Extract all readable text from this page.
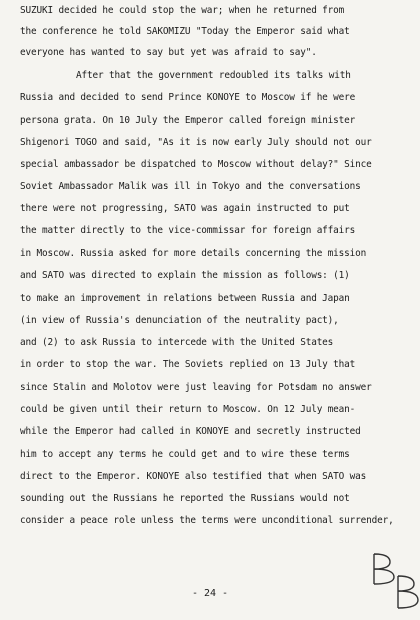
SUZUKI decided he could stop the war; when he returned from
the conference he told SAKOMIZU "Today the Emperor said what
everyone has wanted to say but yet was afraid to say".
After that the government redoubled its talks with
Russia and decided to send Prince KONOYE to Moscow if he were
persona grata. On 10 July the Emperor called foreign minister
Shigenori TOGO and said, "As it is now early July should not our
special ambassador be dispatched to Moscow without delay?" Since
Soviet Ambassador Malik was ill in Tokyo and the conversations
there were not progressing, SATO was again instructed to put
the matter directly to the vice-commissar for foreign affairs
in Moscow. Russia asked for more details concerning the mission
and SATO was directed to explain the mission as follows: (1)
to make an improvement in relations between Russia and Japan
(in view of Russia's denunciation of the neutrality pact),
and (2) to ask Russia to intercede with the United States
in order to stop the war. The Soviets replied on 13 July that
since Stalin and Molotov were just leaving for Potsdam no answer
could be given until their return to Moscow. On 12 July mean-
while the Emperor had called in KONOYE and secretly instructed
him to accept any terms he could get and to wire these terms
direct to the Emperor. KONOYE also testified that when SATO was
sounding out the Russians he reported the Russians would not
consider a peace role unless the terms were unconditional surrender,
- 24 -
